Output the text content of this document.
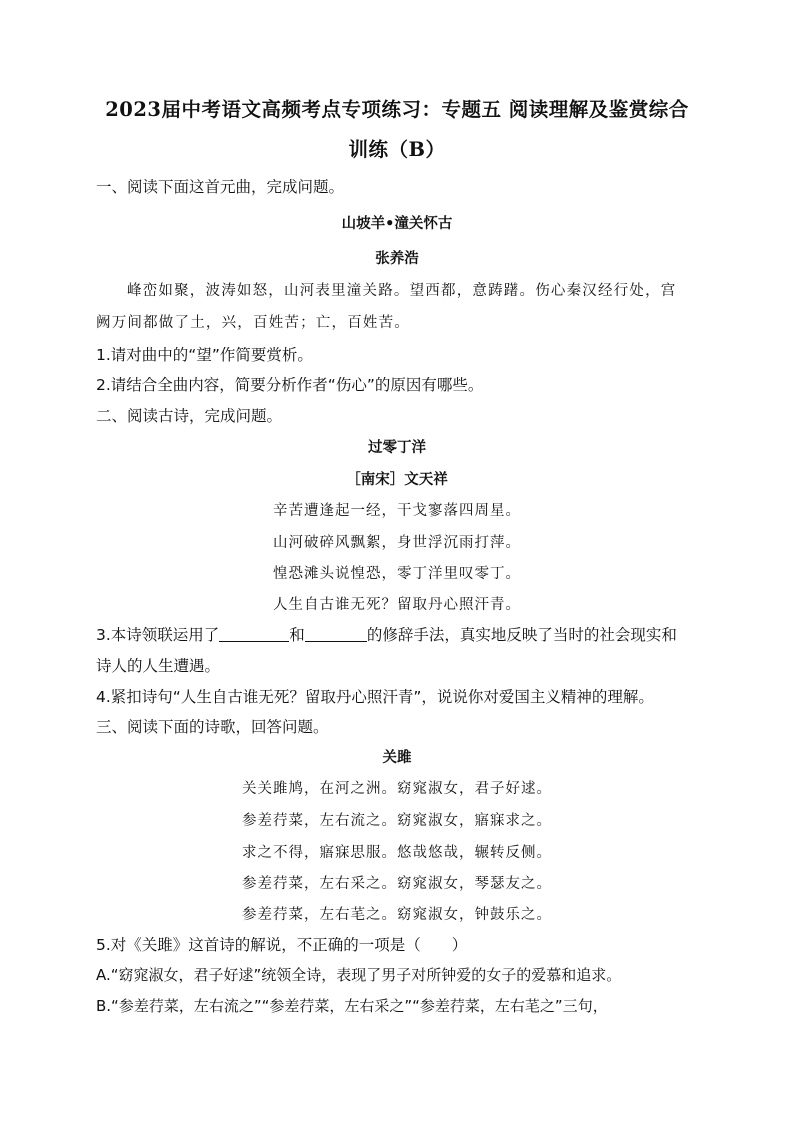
2023届中考语文高频考点专项练习：专题五 阅读理解及鉴赏综合训练（B）
一、阅读下面这首元曲，完成问题。
山坡羊•潼关怀古
张养浩
峰峦如聚，波涛如怒，山河表里潼关路。望西都，意踌躇。伤心秦汉经行处，宫
阙万间都做了土，兴，百姓苦；亡，百姓苦。
1.请对曲中的“望”作简要赏析。
2.请结合全曲内容，简要分析作者“伤心”的原因有哪些。
二、阅读古诗，完成问题。
过零丁洋
［南宋］文天祥
辛苦遭逢起一经，干戈寥落四周星。
山河破碎风飘絮，身世浮沉雨打萍。
惶恐滩头说惶恐，零丁洋里叹零丁。
人生自古谁无死？留取丹心照汗青。
3.本诗领联运用了	和	的修辞手法，真实地反映了当时的社会现实和
诗人的人生遭遇。
4.紧扣诗句“人生自古谁无死？留取丹心照汗青”，说说你对爱国主义精神的理解。
三、阅读下面的诗歌，回答问题。
关雎
关关雎鸠，在河之洲。窈窕淑女，君子好逑。
参差荇菜，左右流之。窈窕淑女，寤寐求之。
求之不得，寤寐思服。悠哉悠哉，辗转反侧。
参差荇菜，左右采之。窈窕淑女，琴瑟友之。
参差荇菜，左右芼之。窈窕淑女，钟鼓乐之。
5.对《关雎》这首诗的解说，不正确的一项是（　　）
A.“窈窕淑女，君子好逑”统领全诗，表现了男子对所钟爱的女子的爱慕和追求。
B.“参差荇菜，左右流之”“参差荇菜，左右采之”“参差荇菜，左右芼之”三句，
